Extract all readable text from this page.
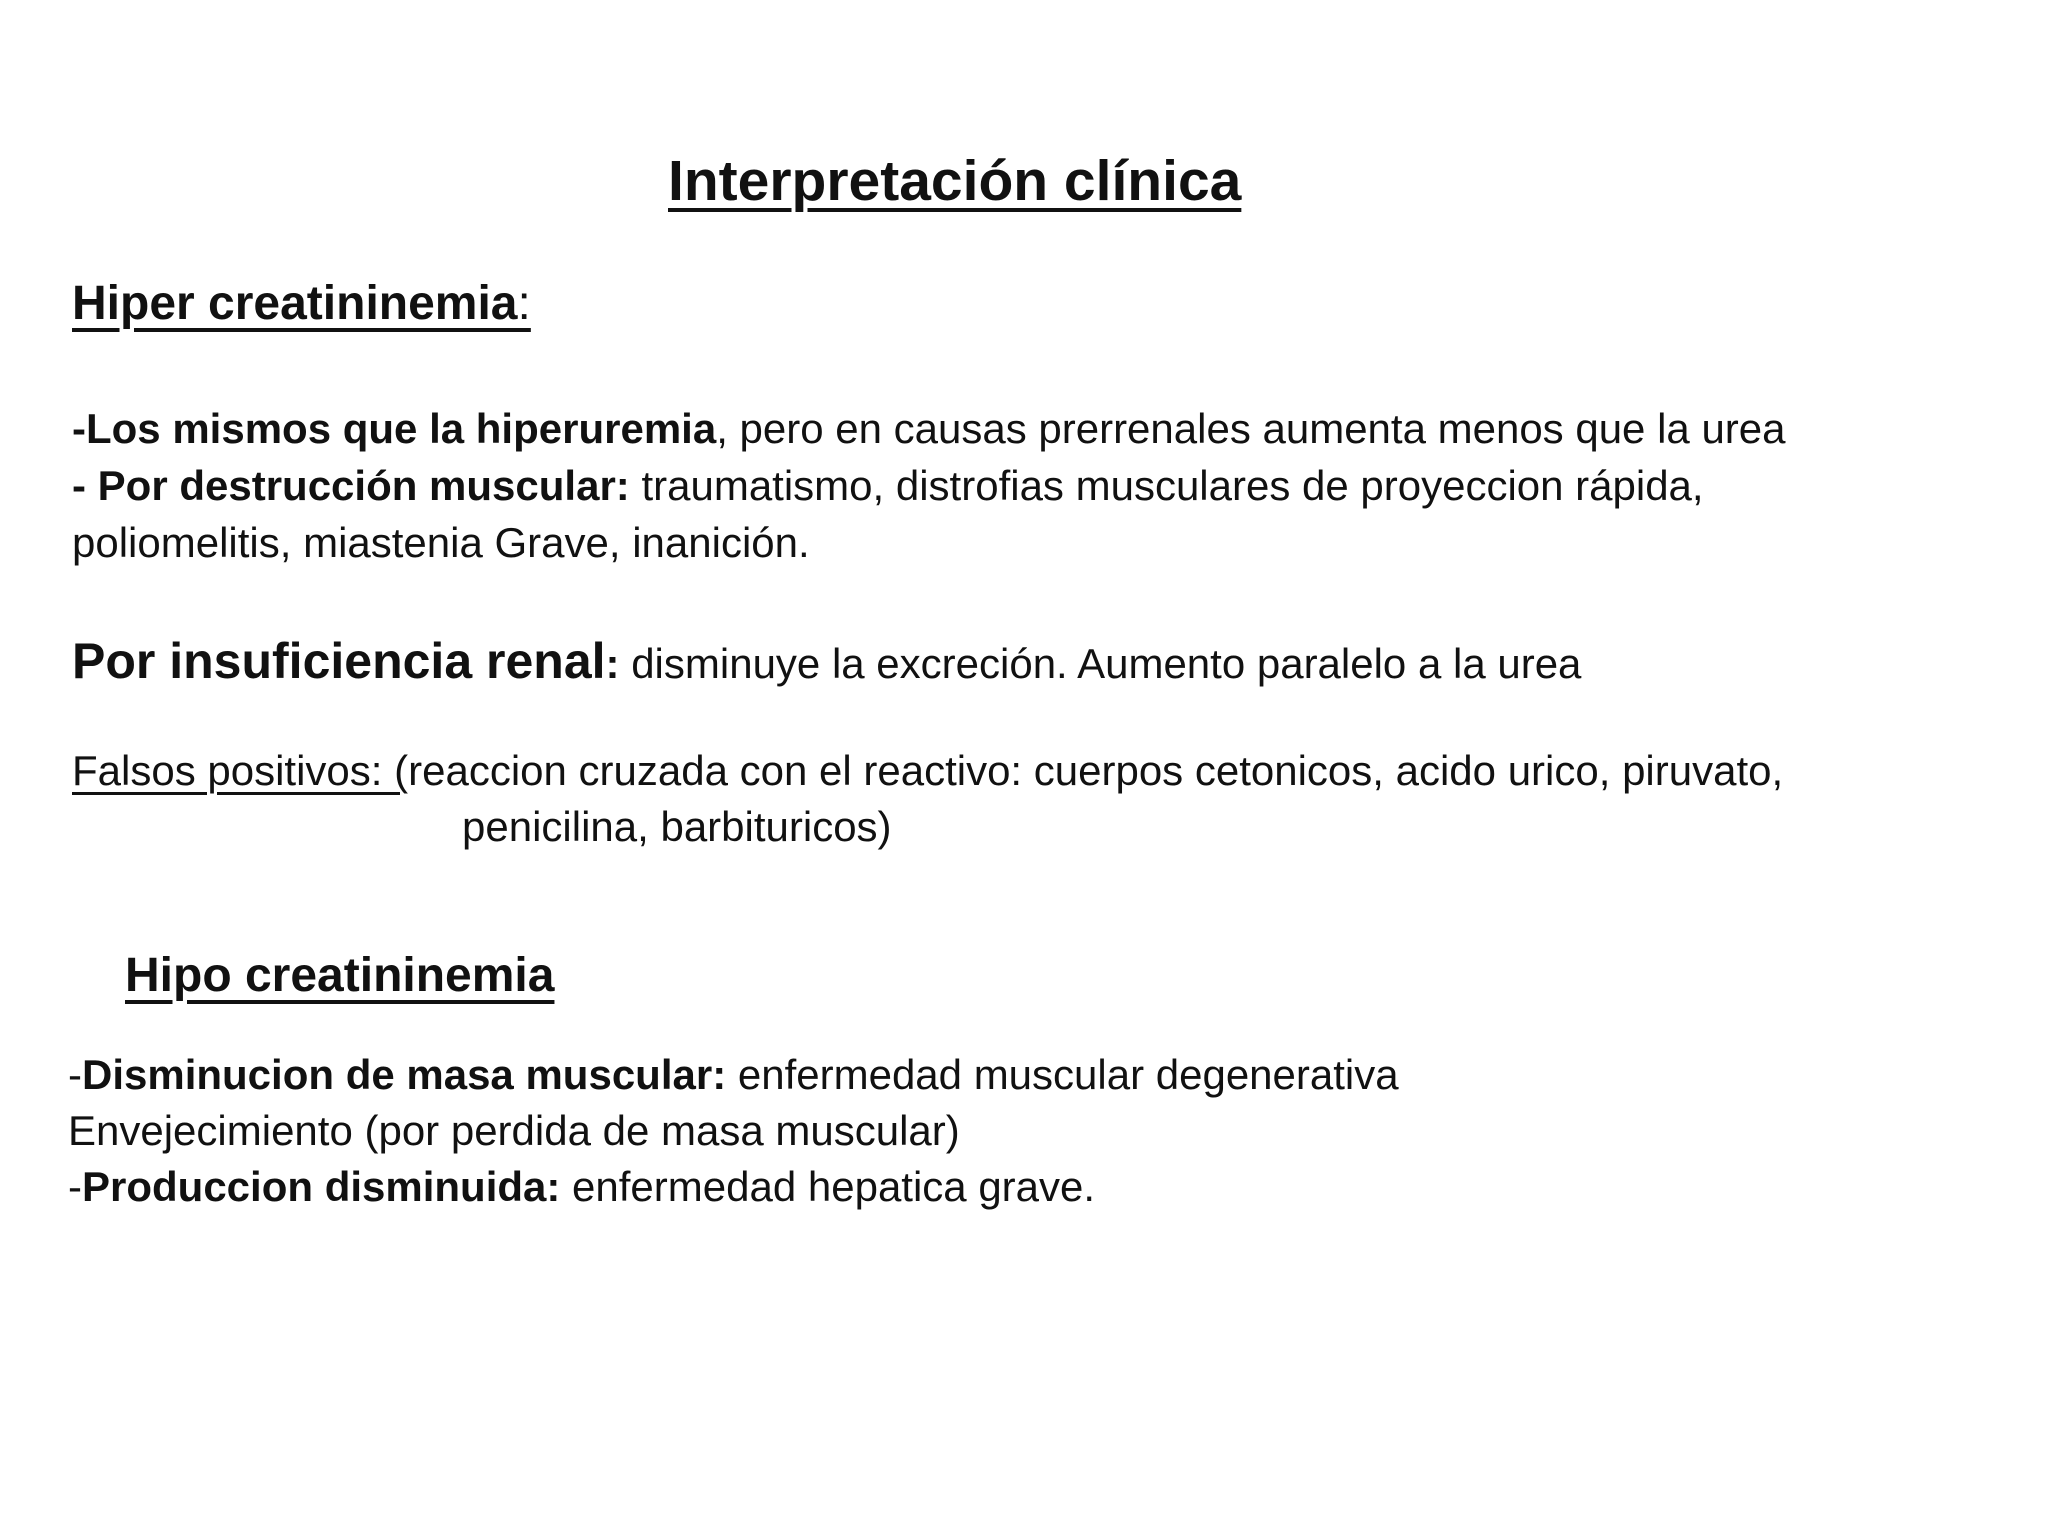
Interpretación clínica
Hiper creatininemia:
-Los mismos que la hiperuremia, pero en causas prerrenales aumenta menos que la urea
- Por destrucción muscular: traumatismo, distrofias musculares de proyeccion rápida,
poliomelitis, miastenia Grave, inanición.
Por insuficiencia renal: disminuye la excreción. Aumento paralelo a la urea
Falsos positivos: (reaccion cruzada con el reactivo: cuerpos cetonicos, acido urico, piruvato,
penicilina, barbituricos)
Hipo creatininemia
-Disminucion de masa muscular: enfermedad muscular degenerativa
Envejecimiento (por perdida de masa muscular)
-Produccion disminuida: enfermedad hepatica grave.
